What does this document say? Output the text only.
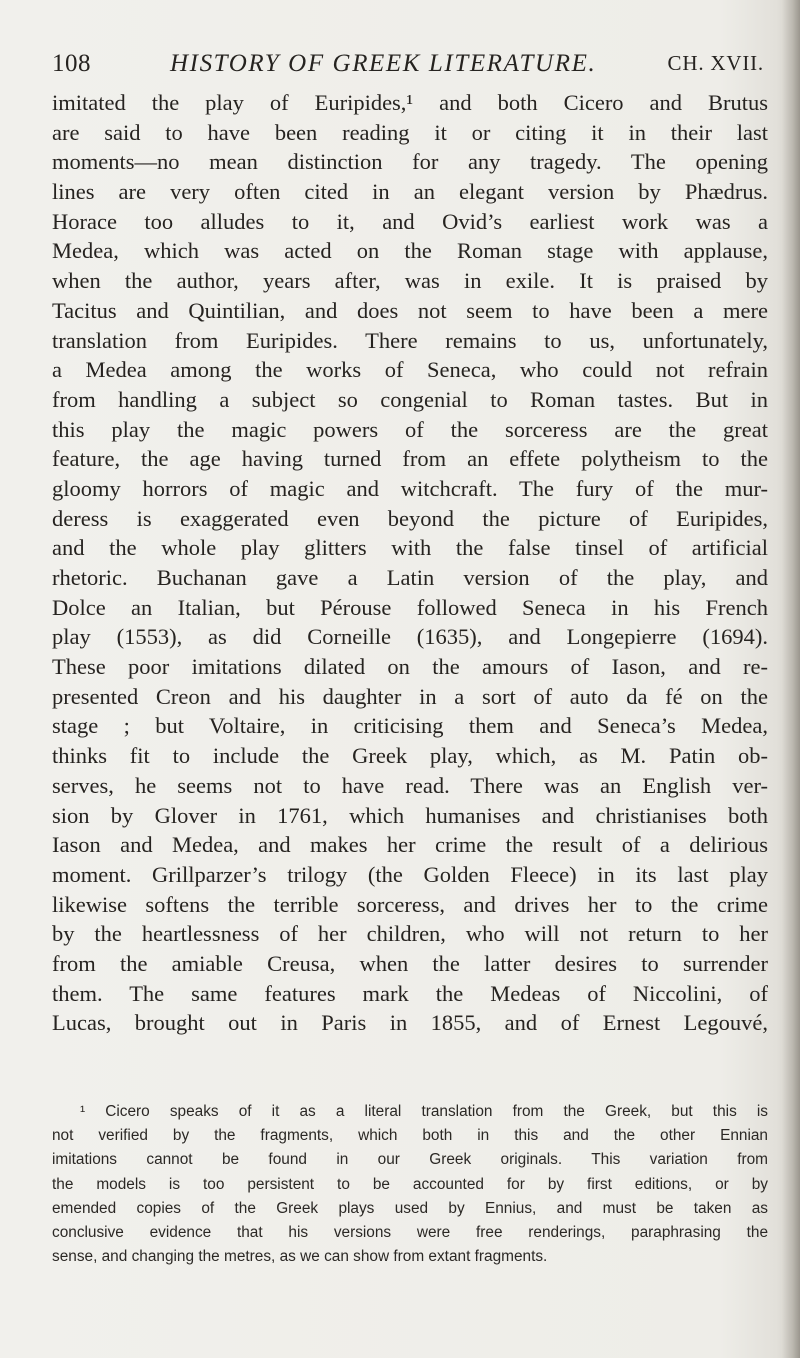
108	HISTORY OF GREEK LITERATURE.	CH. XVII.
imitated the play of Euripides,¹ and both Cicero and Brutus
are said to have been reading it or citing it in their last
moments—no mean distinction for any tragedy. The opening
lines are very often cited in an elegant version by Phædrus.
Horace too alludes to it, and Ovid’s earliest work was a
Medea, which was acted on the Roman stage with applause,
when the author, years after, was in exile. It is praised by
Tacitus and Quintilian, and does not seem to have been a mere
translation from Euripides. There remains to us, unfortunately,
a Medea among the works of Seneca, who could not refrain
from handling a subject so congenial to Roman tastes. But in
this play the magic powers of the sorceress are the great
feature, the age having turned from an effete polytheism to the
gloomy horrors of magic and witchcraft. The fury of the mur-
deress is exaggerated even beyond the picture of Euripides,
and the whole play glitters with the false tinsel of artificial
rhetoric. Buchanan gave a Latin version of the play, and
Dolce an Italian, but Pérouse followed Seneca in his French
play (1553), as did Corneille (1635), and Longepierre (1694).
These poor imitations dilated on the amours of Iason, and re-
presented Creon and his daughter in a sort of auto da fé on the
stage ; but Voltaire, in criticising them and Seneca’s Medea,
thinks fit to include the Greek play, which, as M. Patin ob-
serves, he seems not to have read. There was an English ver-
sion by Glover in 1761, which humanises and christianises both
Iason and Medea, and makes her crime the result of a delirious
moment. Grillparzer’s trilogy (the Golden Fleece) in its last play
likewise softens the terrible sorceress, and drives her to the crime
by the heartlessness of her children, who will not return to her
from the amiable Creusa, when the latter desires to surrender
them. The same features mark the Medeas of Niccolini, of
Lucas, brought out in Paris in 1855, and of Ernest Legouvé,
¹ Cicero speaks of it as a literal translation from the Greek, but this is
not verified by the fragments, which both in this and the other Ennian
imitations cannot be found in our Greek originals. This variation from
the models is too persistent to be accounted for by first editions, or by
emended copies of the Greek plays used by Ennius, and must be taken as
conclusive evidence that his versions were free renderings, paraphrasing the
sense, and changing the metres, as we can show from extant fragments.
